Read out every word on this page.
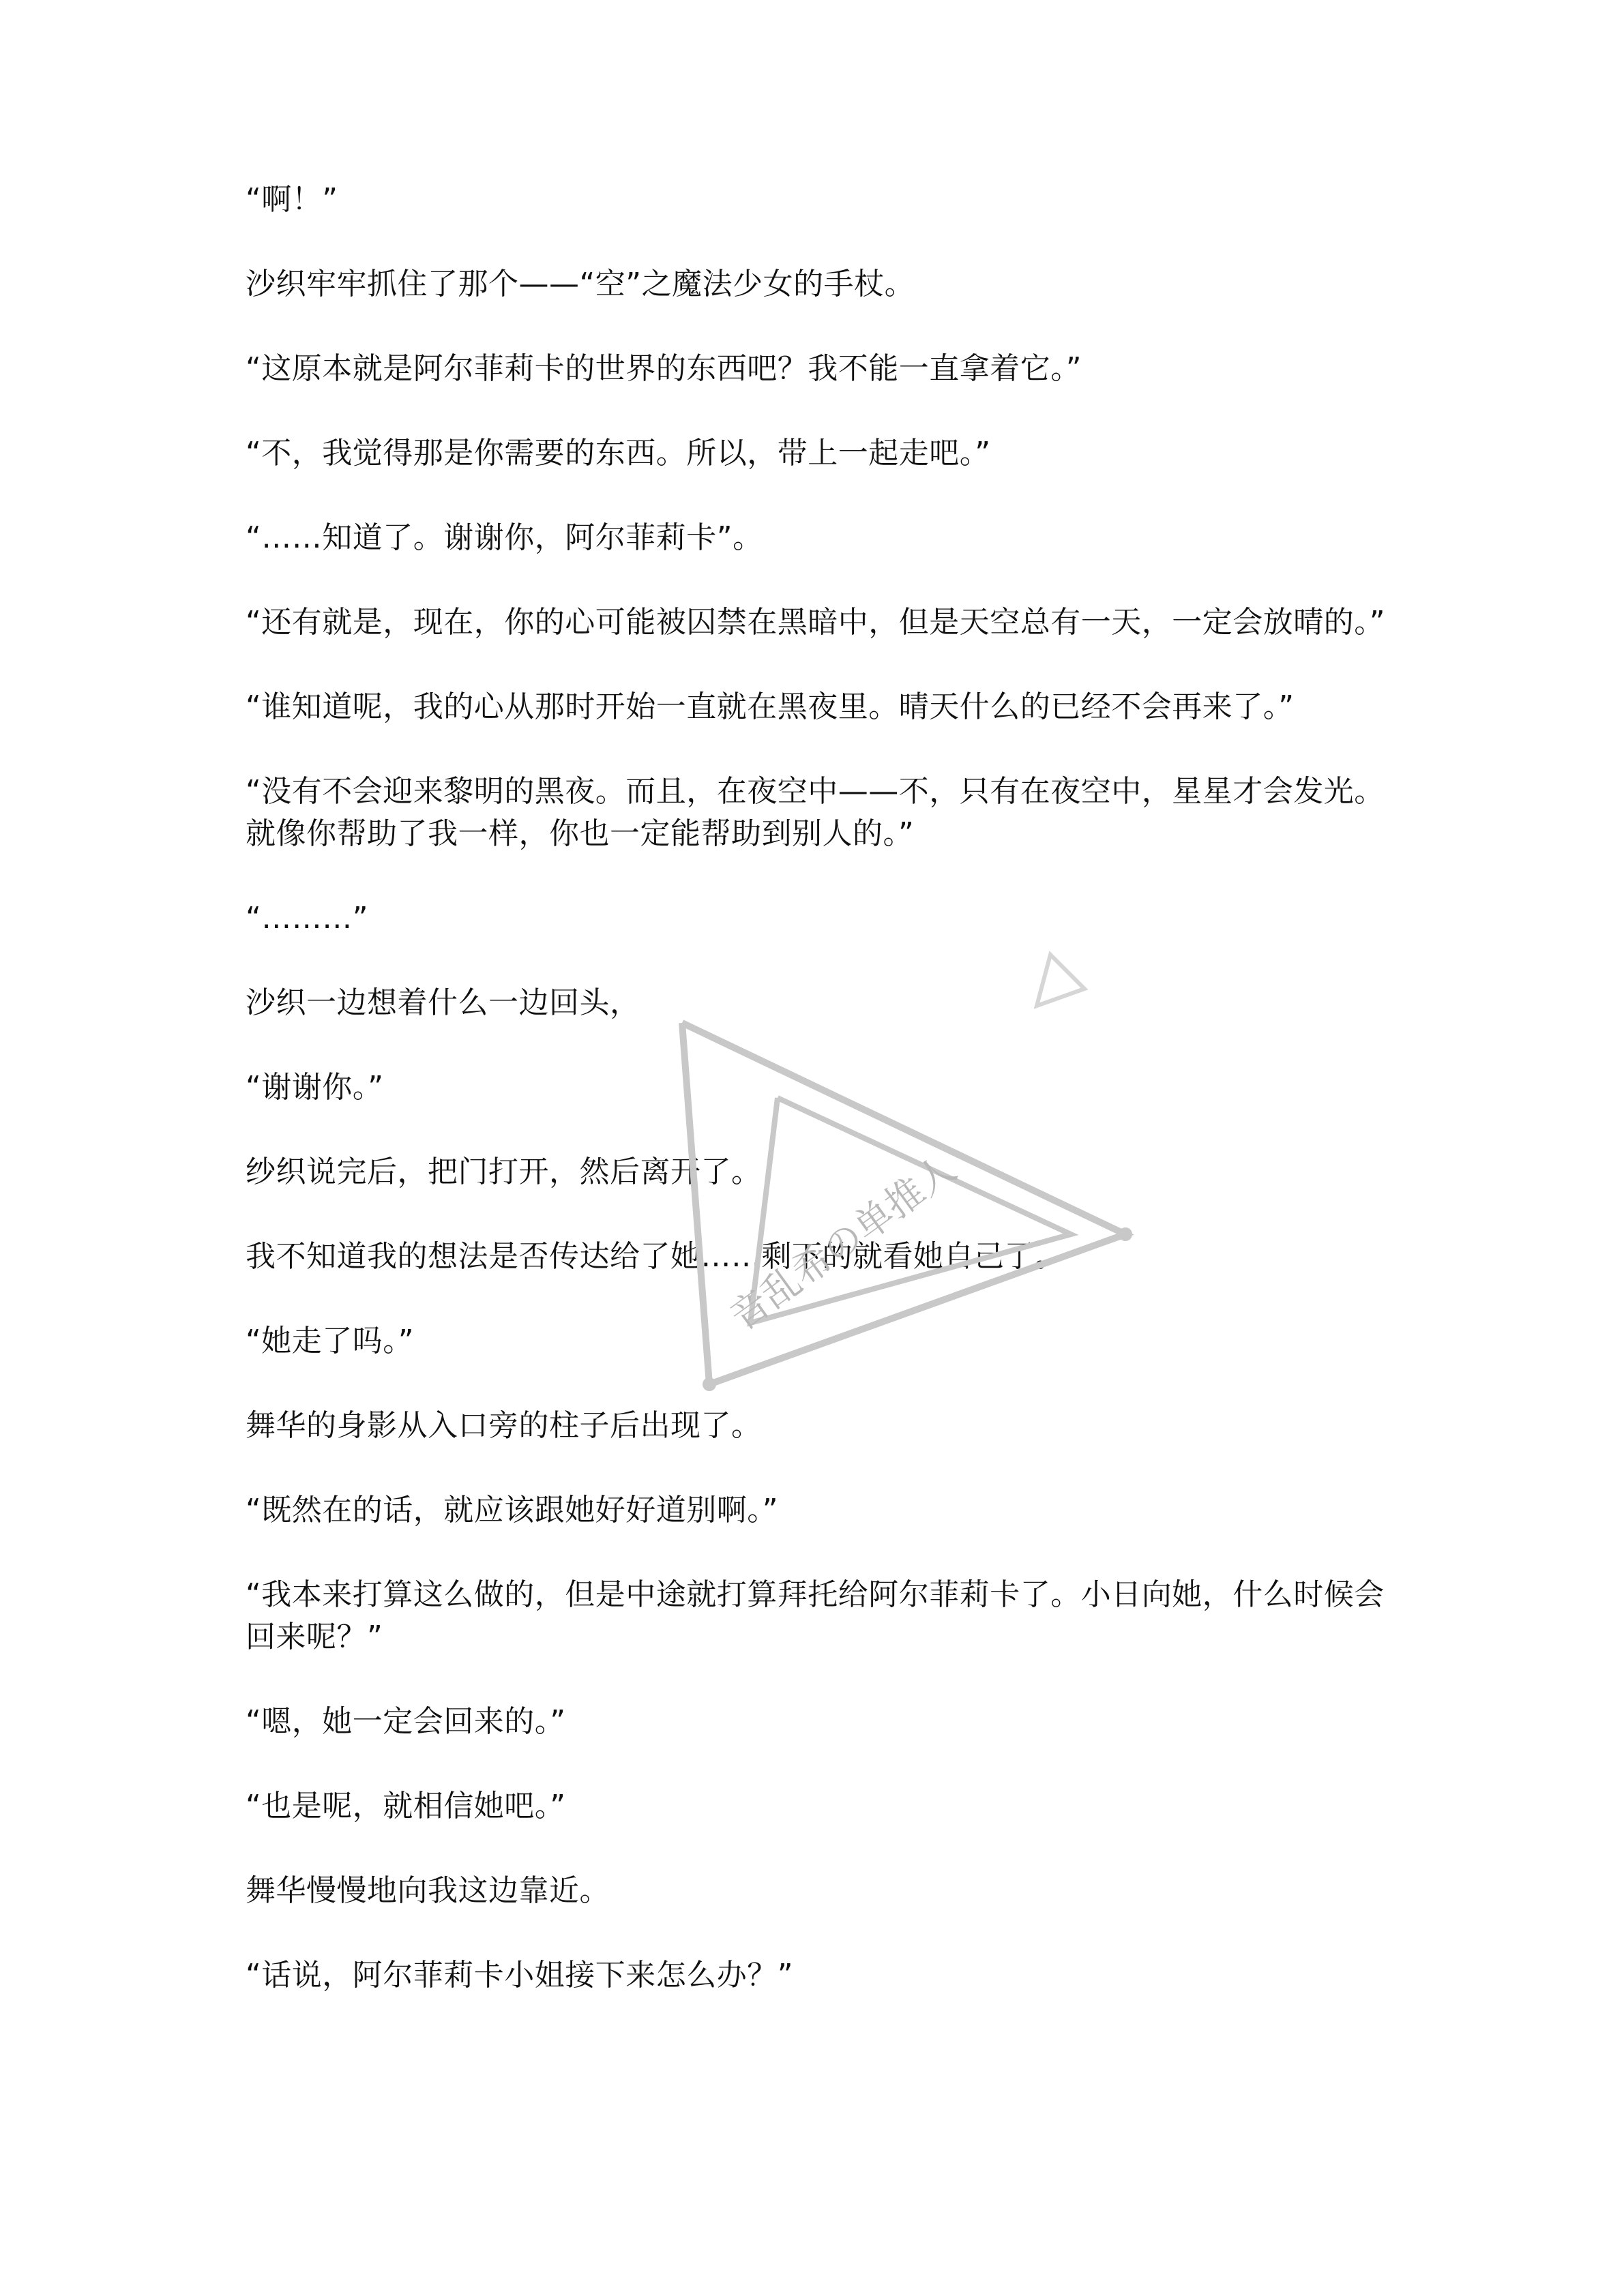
“啊！”

沙织牢牢抓住了那个——“空”之魔法少女的手杖。

“这原本就是阿尔菲莉卡的世界的东西吧？我不能一直拿着它。”

“不，我觉得那是你需要的东西。所以，带上一起走吧。”

“……知道了。谢谢你，阿尔菲莉卡”。

“还有就是，现在，你的心可能被囚禁在黑暗中，但是天空总有一天，一定会放晴的。”

“谁知道呢，我的心从那时开始一直就在黑夜里。晴天什么的已经不会再来了。”

“没有不会迎来黎明的黑夜。而且，在夜空中——不，只有在夜空中，星星才会发光。就像你帮助了我一样，你也一定能帮助到别人的。”

“………”

沙织一边想着什么一边回头，

“谢谢你。”

纱织说完后，把门打开，然后离开了。

我不知道我的想法是否传达给了她……剩下的就看她自己了。

“她走了吗。”

舞华的身影从入口旁的柱子后出现了。

“既然在的话，就应该跟她好好道别啊。”

“我本来打算这么做的，但是中途就打算拜托给阿尔菲莉卡了。小日向她，什么时候会回来呢？”

“嗯，她一定会回来的。”

“也是呢，就相信她吧。”

舞华慢慢地向我这边靠近。

“话说，阿尔菲莉卡小姐接下来怎么办？”

音乱希の单推人
